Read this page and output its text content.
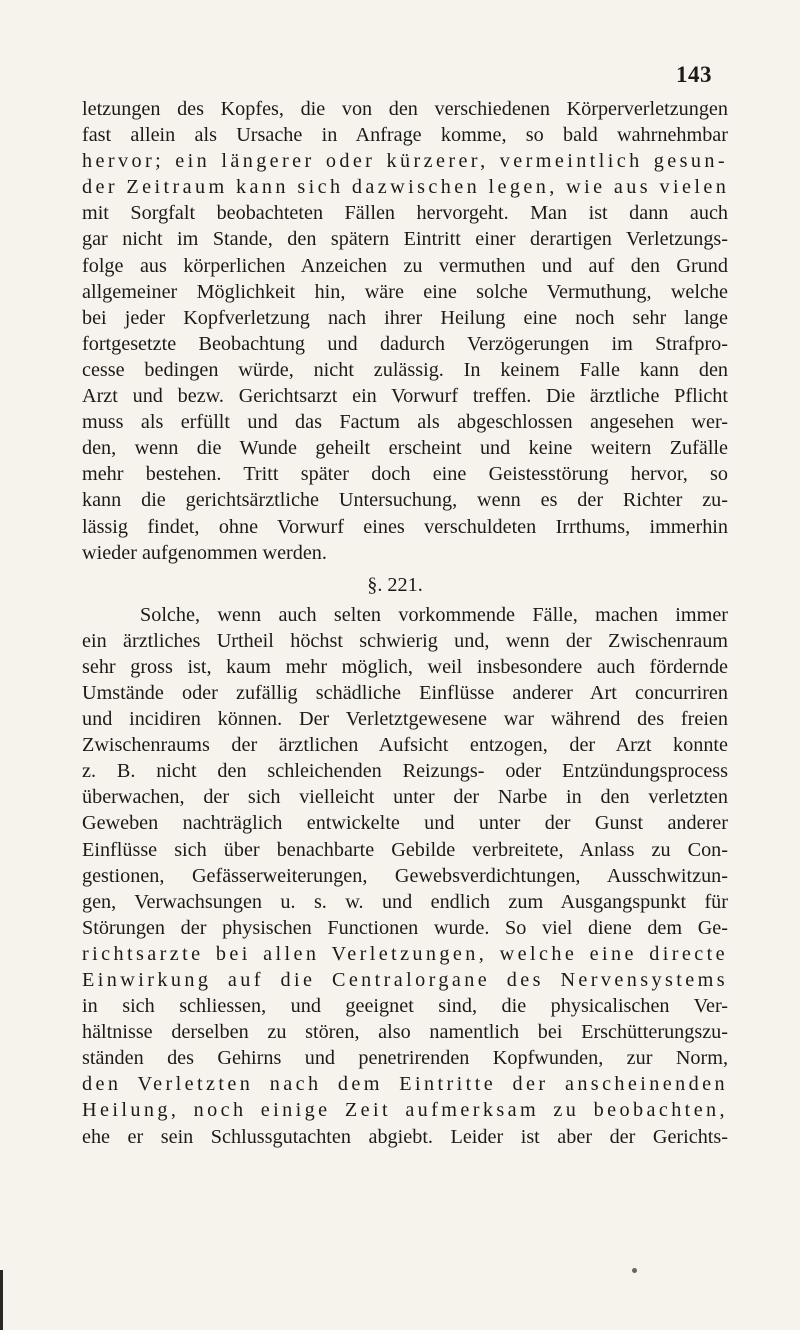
143
letzungen des Kopfes, die von den verschiedenen Körperverletzungen
fast allein als Ursache in Anfrage komme, so bald wahrnehmbar
hervor; ein längerer oder kürzerer, vermeintlich gesun-
der Zeitraum kann sich dazwischen legen, wie aus vielen
mit Sorgfalt beobachteten Fällen hervorgeht. Man ist dann auch
gar nicht im Stande, den spätern Eintritt einer derartigen Verletzungs-
folge aus körperlichen Anzeichen zu vermuthen und auf den Grund
allgemeiner Möglichkeit hin, wäre eine solche Vermuthung, welche
bei jeder Kopfverletzung nach ihrer Heilung eine noch sehr lange
fortgesetzte Beobachtung und dadurch Verzögerungen im Strafpro-
cesse bedingen würde, nicht zulässig. In keinem Falle kann den
Arzt und bezw. Gerichtsarzt ein Vorwurf treffen. Die ärztliche Pflicht
muss als erfüllt und das Factum als abgeschlossen angesehen wer-
den, wenn die Wunde geheilt erscheint und keine weitern Zufälle
mehr bestehen. Tritt später doch eine Geistesstörung hervor, so
kann die gerichtsärztliche Untersuchung, wenn es der Richter zu-
lässig findet, ohne Vorwurf eines verschuldeten Irrthums, immerhin
wieder aufgenommen werden.
§. 221.
Solche, wenn auch selten vorkommende Fälle, machen immer
ein ärztliches Urtheil höchst schwierig und, wenn der Zwischenraum
sehr gross ist, kaum mehr möglich, weil insbesondere auch fördernde
Umstände oder zufällig schädliche Einflüsse anderer Art concurriren
und incidiren können. Der Verletztgewesene war während des freien
Zwischenraums der ärztlichen Aufsicht entzogen, der Arzt konnte
z. B. nicht den schleichenden Reizungs- oder Entzündungsprocess
überwachen, der sich vielleicht unter der Narbe in den verletzten
Geweben nachträglich entwickelte und unter der Gunst anderer
Einflüsse sich über benachbarte Gebilde verbreitete, Anlass zu Con-
gestionen, Gefässerweiterungen, Gewebsverdichtungen, Ausschwitzun-
gen, Verwachsungen u. s. w. und endlich zum Ausgangspunkt für
Störungen der physischen Functionen wurde. So viel diene dem Ge-
richtsarzte bei allen Verletzungen, welche eine directe
Einwirkung auf die Centralorgane des Nervensystems
in sich schliessen, und geeignet sind, die physicalischen Ver-
hältnisse derselben zu stören, also namentlich bei Erschütterungszu-
ständen des Gehirns und penetrirenden Kopfwunden, zur Norm,
den Verletzten nach dem Eintritte der anscheinenden
Heilung, noch einige Zeit aufmerksam zu beobachten,
ehe er sein Schlussgutachten abgiebt. Leider ist aber der Gerichts-
